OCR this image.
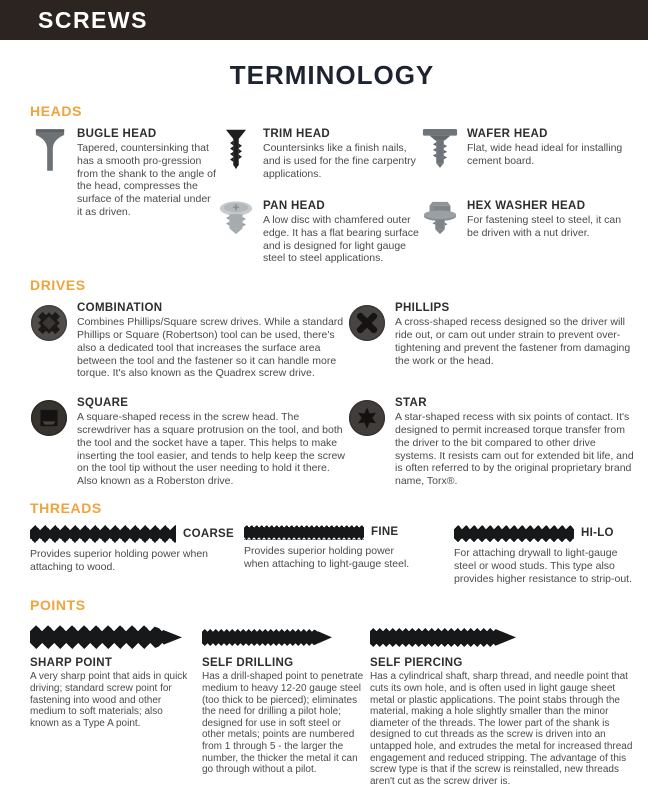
SCREWS
TERMINOLOGY
HEADS
BUGLE HEAD

Tapered, countersinking that has a smooth pro-gression from the shank to the angle of the head, compresses the surface of the material under it as driven.

TRIM HEAD

Countersinks like a finish nails, and is used for the fine carpentry applications.

PAN HEAD

A low disc with chamfered outer edge. It has a flat bearing surface and is designed for light gauge steel to steel applications.

WAFER HEAD

Flat, wide head ideal for installing cement board.

HEX WASHER HEAD

For fastening steel to steel, it can be driven with a nut driver.

DRIVES
COMBINATION

Combines Phillips/Square screw drives. While a standard Phillips or Square (Robertson) tool can be used, there's also a dedicated tool that increases the surface area between the tool and the fastener so it can handle more torque. It's also known as the Quadrex screw drive.

SQUARE

A square-shaped recess in the screw head. The screwdriver has a square protrusion on the tool, and both the tool and the socket have a taper. This helps to make inserting the tool easier, and tends to help keep the screw on the tool tip without the user needing to hold it there. Also known as a Roberston drive.

PHILLIPS

A cross-shaped recess designed so the driver will ride out, or cam out under strain to prevent over-tightening and prevent the fastener from damaging the work or the head.

STAR

A star-shaped recess with six points of contact. It's designed to permit increased torque transfer from the driver to the bit compared to other drive systems. It resists cam out for extended bit life, and is often referred to by the original proprietary brand name, Torx®.

THREADS
COARSE

Provides superior holding power when attaching to wood.

FINE

Provides superior holding power when attaching to light-gauge steel.

HI-LO

For attaching drywall to light-gauge steel or wood studs. This type also provides higher resistance to strip-out.

POINTS
SHARP POINT

A very sharp point that aids in quick driving; standard screw point for fastening into wood and other medium to soft materials; also known as a Type A point.

SELF DRILLING

Has a drill-shaped point to penetrate medium to heavy 12-20 gauge steel (too thick to be pierced); eliminates the need for drilling a pilot hole; designed for use in soft steel or other metals; points are numbered from 1 through 5 - the larger the number, the thicker the metal it can go through without a pilot.

SELF PIERCING

Has a cylindrical shaft, sharp thread, and needle point that cuts its own hole, and is often used in light gauge sheet metal or plastic applications. The point stabs through the material, making a hole slightly smaller than the minor diameter of the threads. The lower part of the shank is designed to cut threads as the screw is driven into an untapped hole, and extrudes the metal for increased thread engagement and reduced stripping. The advantage of this screw type is that if the screw is reinstalled, new threads aren't cut as the screw driver is.
